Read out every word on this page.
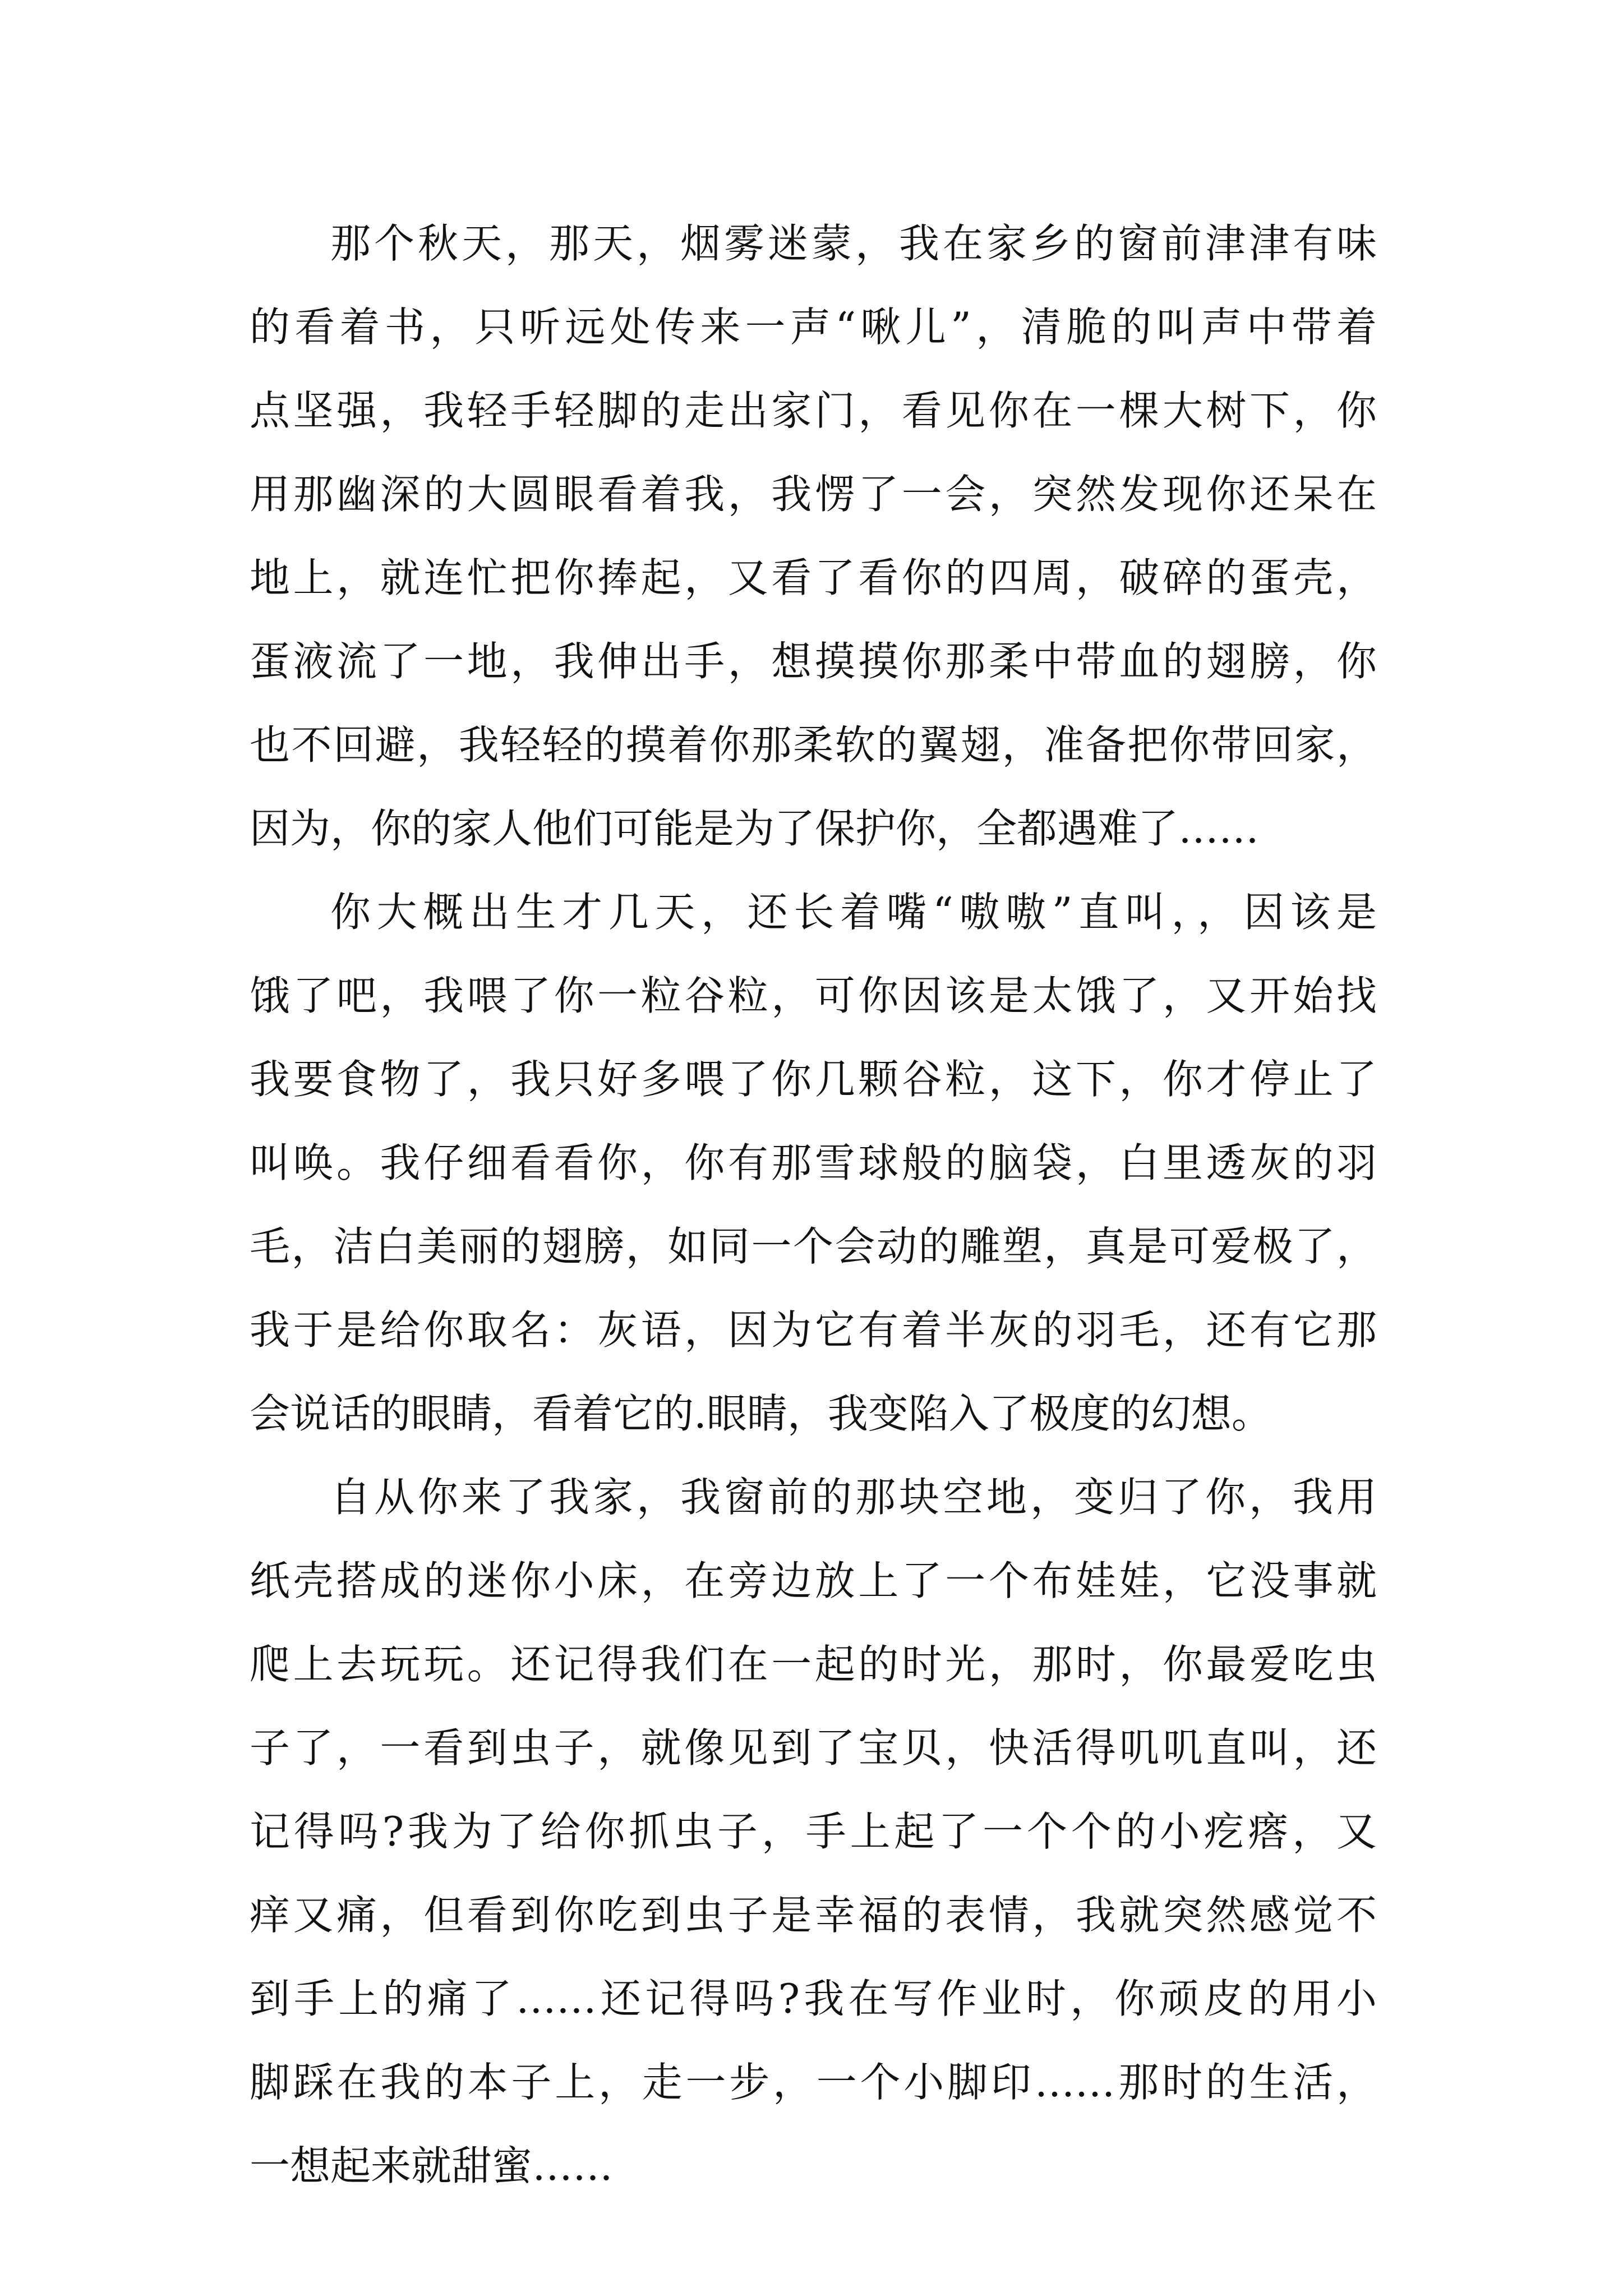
那个秋天，那天，烟雾迷蒙，我在家乡的窗前津津有味
的看着书，只听远处传来一声“啾儿”，清脆的叫声中带着
点坚强，我轻手轻脚的走出家门，看见你在一棵大树下，你
用那幽深的大圆眼看着我，我愣了一会，突然发现你还呆在
地上，就连忙把你捧起，又看了看你的四周，破碎的蛋壳，
蛋液流了一地，我伸出手，想摸摸你那柔中带血的翅膀，你
也不回避，我轻轻的摸着你那柔软的翼翅，准备把你带回家，
因为，你的家人他们可能是为了保护你，全都遇难了……
你大概出生才几天，还长着嘴“嗷嗷”直叫，，因该是
饿了吧，我喂了你一粒谷粒，可你因该是太饿了，又开始找
我要食物了，我只好多喂了你几颗谷粒，这下，你才停止了
叫唤。我仔细看看你，你有那雪球般的脑袋，白里透灰的羽
毛，洁白美丽的翅膀，如同一个会动的雕塑，真是可爱极了，
我于是给你取名：灰语，因为它有着半灰的羽毛，还有它那
会说话的眼睛，看着它的.眼睛，我变陷入了极度的幻想。
自从你来了我家，我窗前的那块空地，变归了你，我用
纸壳搭成的迷你小床，在旁边放上了一个布娃娃，它没事就
爬上去玩玩。还记得我们在一起的时光，那时，你最爱吃虫
子了，一看到虫子，就像见到了宝贝，快活得叽叽直叫，还
记得吗?我为了给你抓虫子，手上起了一个个的小疙瘩，又
痒又痛，但看到你吃到虫子是幸福的表情，我就突然感觉不
到手上的痛了……还记得吗?我在写作业时，你顽皮的用小
脚踩在我的本子上，走一步，一个小脚印……那时的生活，
一想起来就甜蜜……
